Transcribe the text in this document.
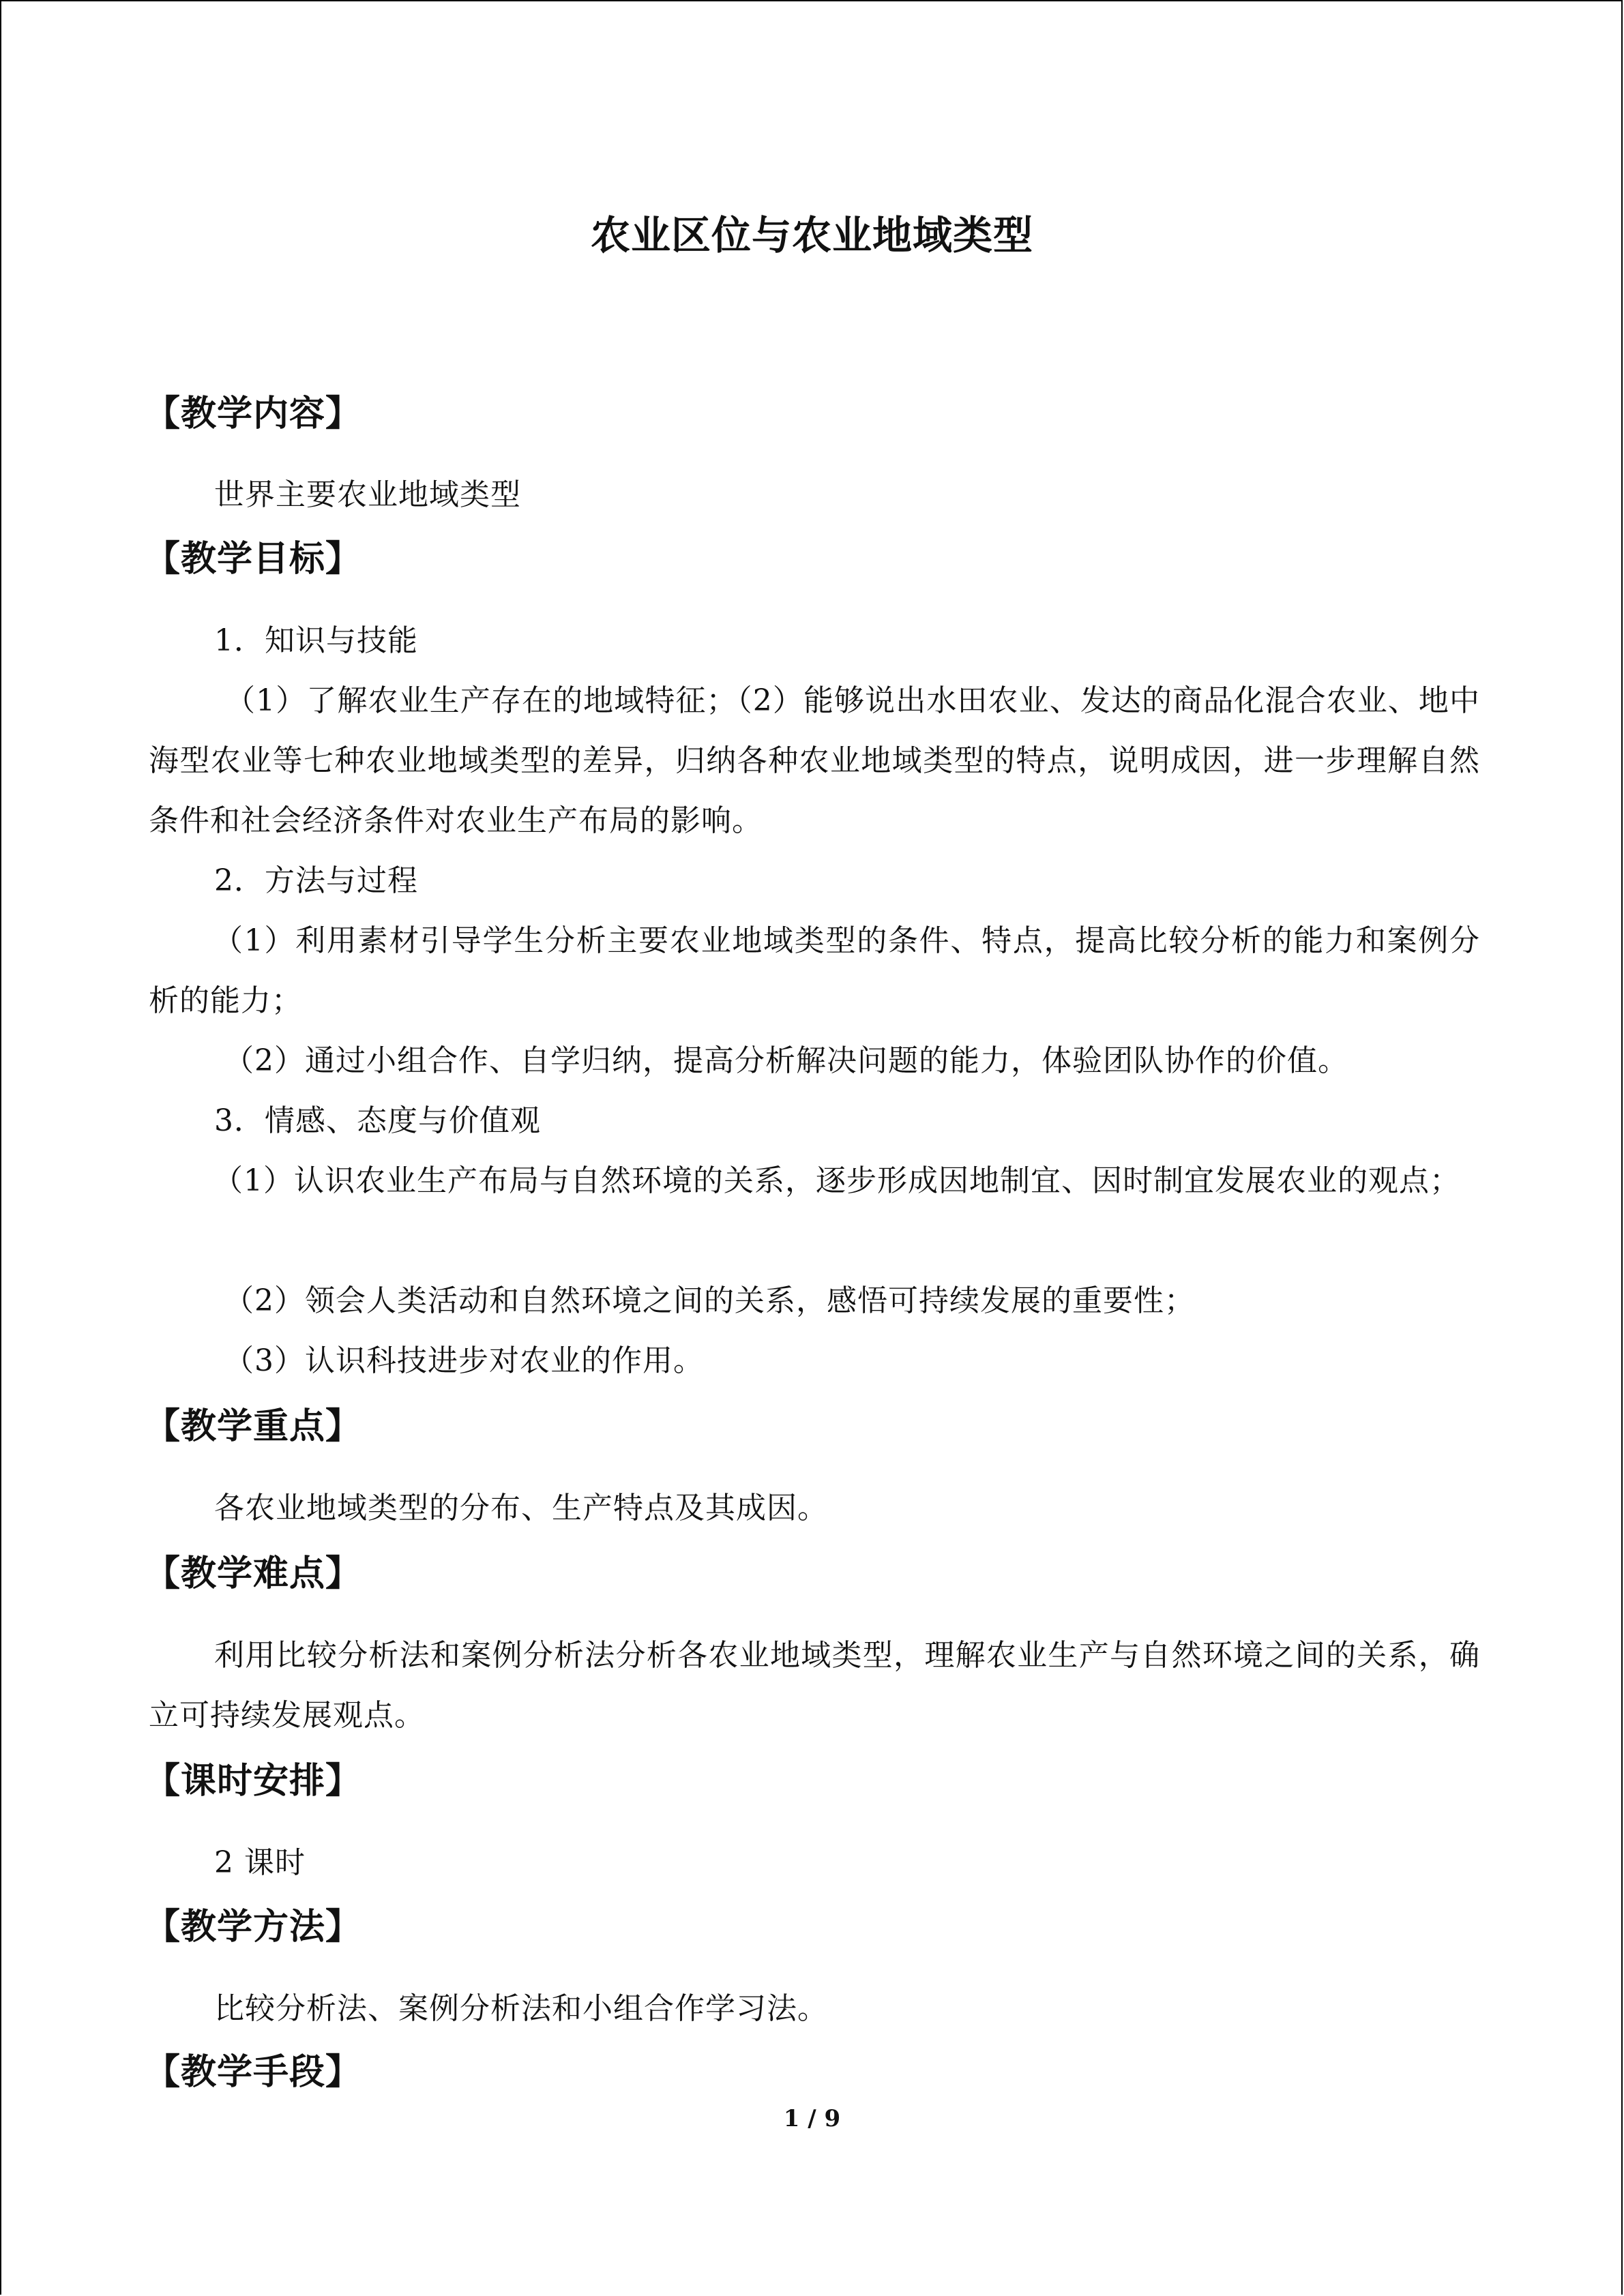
农业区位与农业地域类型
【教学内容】
世界主要农业地域类型
【教学目标】
1．知识与技能
（1）了解农业生产存在的地域特征；（2）能够说出水田农业、发达的商品化混合农业、地中海型农业等七种农业地域类型的差异，归纳各种农业地域类型的特点，说明成因，进一步理解自然条件和社会经济条件对农业生产布局的影响。
2．方法与过程
（1）利用素材引导学生分析主要农业地域类型的条件、特点，提高比较分析的能力和案例分析的能力；
（2）通过小组合作、自学归纳，提高分析解决问题的能力，体验团队协作的价值。
3．情感、态度与价值观
（1）认识农业生产布局与自然环境的关系，逐步形成因地制宜、因时制宜发展农业的观点；
（2）领会人类活动和自然环境之间的关系，感悟可持续发展的重要性；
（3）认识科技进步对农业的作用。
【教学重点】
各农业地域类型的分布、生产特点及其成因。
【教学难点】
利用比较分析法和案例分析法分析各农业地域类型，理解农业生产与自然环境之间的关系，确立可持续发展观点。
【课时安排】
2 课时
【教学方法】
比较分析法、案例分析法和小组合作学习法。
【教学手段】
1 / 9
